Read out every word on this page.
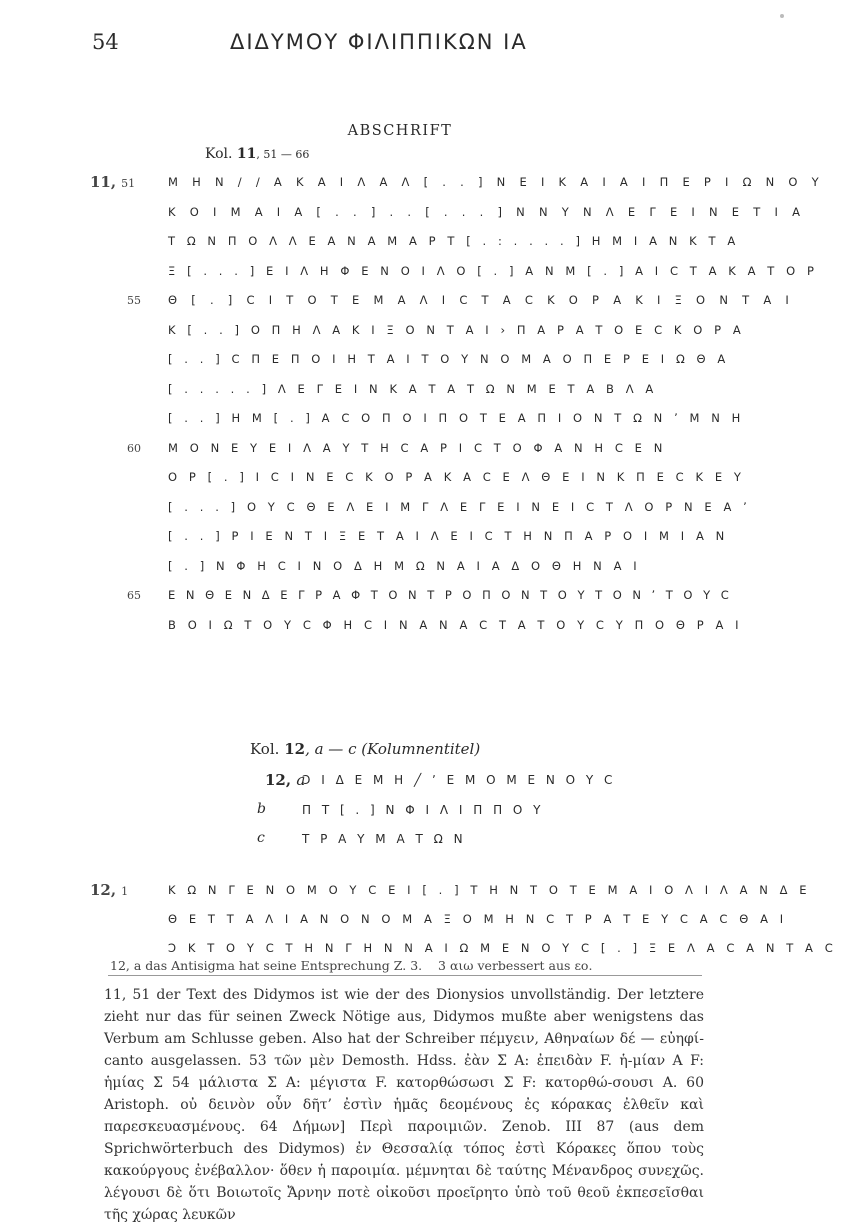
54	ΔΙΔΥΜΟΥ ΦΙΛΙΠΠΙΚΩΝ ΙΑ
ABSCHRIFT
Kol. 11, 51 — 66
11, 51	ΜΗΝ//ΑΚΑΙΛΑΛ[..]ΝΕΙΚΑΙΑΙΠΕΡΙΩΝΟΥ
ΚΟΙΜΑΙΑ[..]..[...]ΝΝΥΝΛΕΓΕΙΝΕΤΙΑ
ΤΩΝΠΟΛΛΕΑΝΑΜΑΡΤ[.:....]ΗΜΙΑΝΚΤΑ
Ξ[...]ΕΙΛΗΦΕΝΟΙΛΟ[.]ΑΝΜ[.]ΑΙCΤΑΚΑΤΟΡ
55 Θ[.]CΙΤΟΤΕΜΑΛΙCΤΑCΚΟΡΑΚΙΞΟΝΤΑΙ
Κ[..]ΟΠΗΛΑΚΙΞΟΝΤΑΙ›ΠΑΡΑΤΟΕCΚΟΡΑ
[..]CΠΕΠΟΙΗΤΑΙΤΟΥΝΟΜΑΟΠΕΡΕΙΩΘΑ
[.....]ΛΕΓΕΙΝΚΑΤΑΤΩΝΜΕΤΑΒΛΑ
[..]ΗΜ[.]ΑCΟΠΟΙΠΟΤΕΑΠΙΟΝΤΩΝʼΜΝΗ
60 ΜΟΝΕΥΕΙΛΑΥΤΗCΑΡΙCΤΟΦΑΝΗCΕΝ
ΟΡ[.]ΙCΙΝΕCΚΟΡΑΚΑCΕΛΘΕΙΝΚΠΕCΚΕΥ
[...]ΟΥCΘΕΛΕΙΜΓΛΕΓΕΙΝΕΙCΤΛΟΡΝΕΑʼ
[..]ΡΙΕΝΤΙΞΕΤΑΙΛΕΙCΤΗΝΠΑΡΟΙΜΙΑΝ
[.]ΝΦΗCΙΝΟΔΗΜΩΝΑΙΑΔΟΘΗΝΑΙ
65 ΕΝΘΕΝΔΕΓΡΑΦΤΟΝΤΡΟΠΟΝΤΟΥΤΟΝʼΤΟΥC
ΒΟΙΩΤΟΥCΦΗCΙΝΑΝΑCΤΑΤΟΥCΥΠΟΘΡΑΙ
Kol. 12, a — c (Kolumnentitel)
12, a
ƆΙΔΕΜΗ╱ʼΕΜΟΜΕΝΟΥC
b	ΠΤ[.]ΝΦΙΛΙΠΠΟΥ
c	ΤΡΑΥΜΑΤΩΝ
12, 1	ΚΩΝΓΕΝΟΜΟΥCΕΙ[.]ΤΗΝΤΟΤΕΜΑΙΟΛΙΛΑΝΔΕ
ΘΕΤΤΑΛΙΑΝΟΝΟΜΑΞΟΜΗΝCΤΡΑΤΕΥCΑCΘΑΙ
ƆΚΤΟΥCΤΗΝΓΗΝΝΑΙΩΜΕΝΟΥC[.]ΞΕΛΑCΑΝΤΑC
12, a das Antisigma hat seine Entsprechung Z. 3. 3 αιω verbessert aus εο.
11, 51 der Text des Didymos ist wie der des Dionysios unvollständig. Der letztere zieht nur das für seinen Zweck Nötige aus, Didymos mußte aber wenigstens das Verbum am Schlusse geben. Also hat der Schreiber πέμyειν, Αθηναίων δέ — εὐηφί-canto ausgelassen. 53 τῶν μὲν Demosth. Hdss. ἐὰν Σ A: ἐπειδὰν F. ἡ-μίαν A F: ἡμίας Σ 54 μάλιστα Σ A: μέγιστα F. κατορθώσωσι Σ F: κατορθώ-σουσι A. 60 Aristoph. οὐ δεινὸν οὖν δῆτ’ ἐστὶν ἡμᾶς δεομένους ἐς κόρακας ἐλθεῖν καὶ παρεσκευασμένους. 64 Δήμων] Περὶ παροιμιῶν. Zenob. III 87 (aus dem Sprichwörterbuch des Didymos) ἐν Θεσσαλίᾳ τόπος ἐστὶ Κόρακες ὅπου τοὺς κακούργους ἐνέβαλλον· ὅθεν ἡ παροιμία. μέμνηται δὲ ταύτης Μένανδρος συνεχῶς. λέγουσι δὲ ὅτι Βοιωτοῖς Ἄρνην ποτὲ οἰκοῦσι προεῖρητο ὑπὸ τοῦ θεοῦ ἐκπεσεῖσθαι τῆς χώρας λευκῶν
